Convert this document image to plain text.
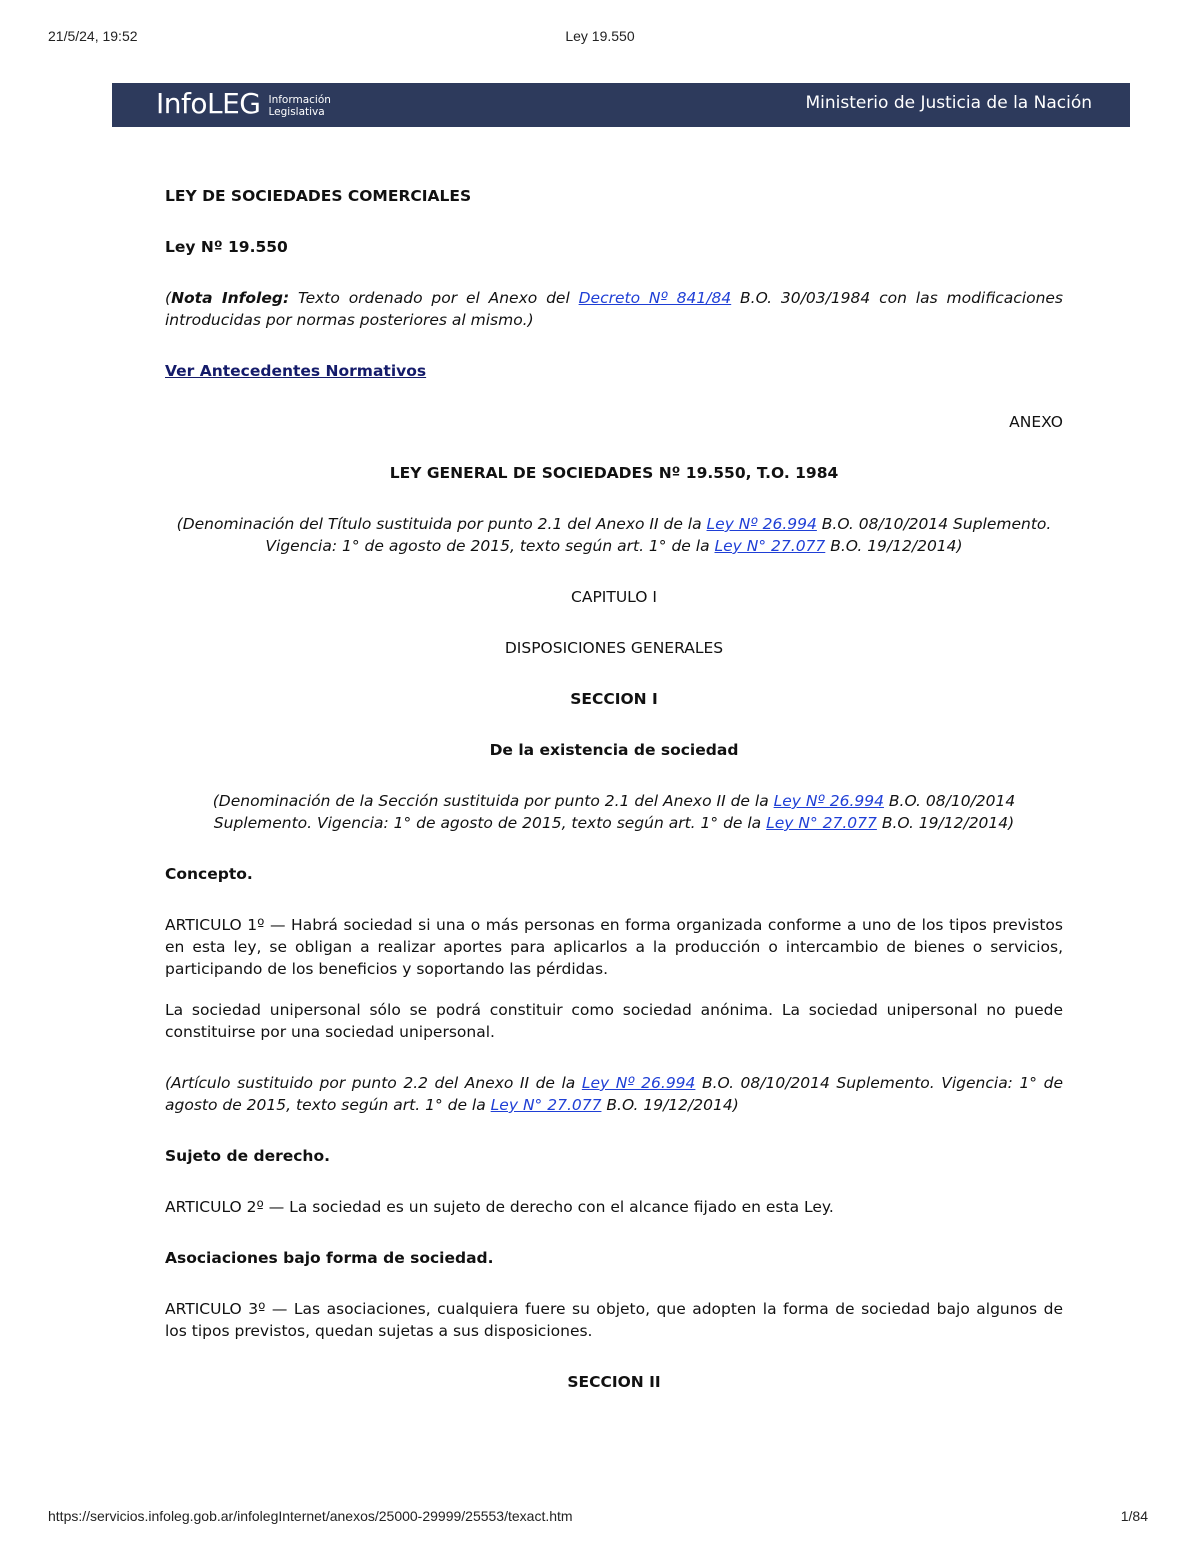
21/5/24, 19:52	Ley 19.550
InfoLEG Información
Legislativa	Ministerio de Justicia de la Nación

LEY DE SOCIEDADES COMERCIALES

Ley Nº 19.550

(Nota Infoleg: Texto ordenado por el Anexo del Decreto Nº 841/84 B.O. 30/03/1984 con las modificaciones introducidas por normas posteriores al mismo.)

Ver Antecedentes Normativos

ANEXO

LEY GENERAL DE SOCIEDADES Nº 19.550, T.O. 1984

(Denominación del Título sustituida por punto 2.1 del Anexo II de la Ley Nº 26.994 B.O. 08/10/2014 Suplemento. Vigencia: 1° de agosto de 2015, texto según art. 1° de la Ley N° 27.077 B.O. 19/12/2014)

CAPITULO I

DISPOSICIONES GENERALES

SECCION I

De la existencia de sociedad

(Denominación de la Sección sustituida por punto 2.1 del Anexo II de la Ley Nº 26.994 B.O. 08/10/2014 Suplemento. Vigencia: 1° de agosto de 2015, texto según art. 1° de la Ley N° 27.077 B.O. 19/12/2014)

Concepto.

ARTICULO 1º — Habrá sociedad si una o más personas en forma organizada conforme a uno de los tipos previstos en esta ley, se obligan a realizar aportes para aplicarlos a la producción o intercambio de bienes o servicios, participando de los beneficios y soportando las pérdidas.

La sociedad unipersonal sólo se podrá constituir como sociedad anónima. La sociedad unipersonal no puede constituirse por una sociedad unipersonal.

(Artículo sustituido por punto 2.2 del Anexo II de la Ley Nº 26.994 B.O. 08/10/2014 Suplemento. Vigencia: 1° de agosto de 2015, texto según art. 1° de la Ley N° 27.077 B.O. 19/12/2014)

Sujeto de derecho.

ARTICULO 2º — La sociedad es un sujeto de derecho con el alcance fijado en esta Ley.

Asociaciones bajo forma de sociedad.

ARTICULO 3º — Las asociaciones, cualquiera fuere su objeto, que adopten la forma de sociedad bajo algunos de los tipos previstos, quedan sujetas a sus disposiciones.

SECCION II

https://servicios.infoleg.gob.ar/infolegInternet/anexos/25000-29999/25553/texact.htm	1/84
